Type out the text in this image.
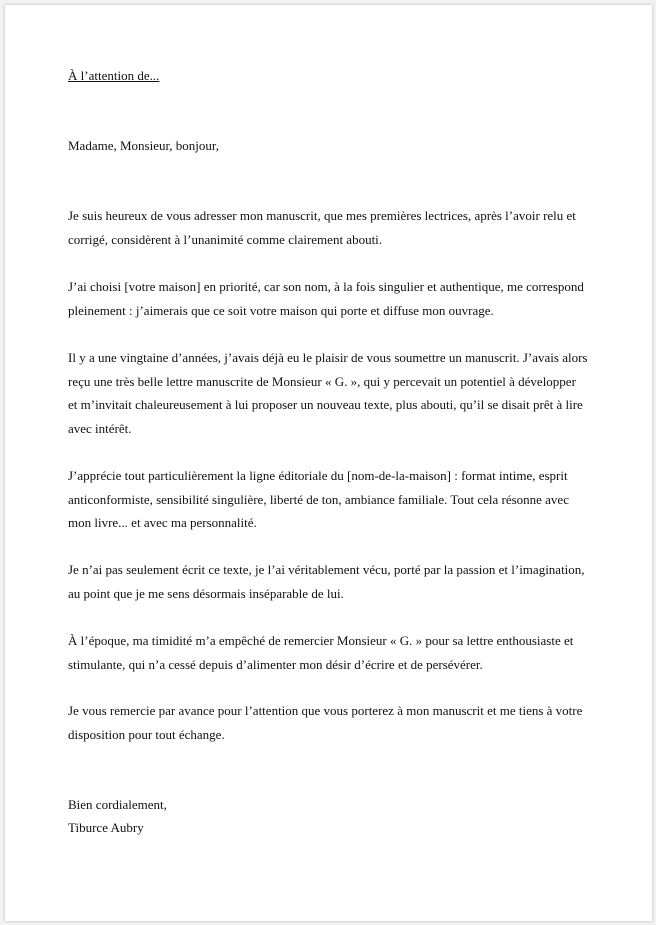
À l’attention de...
Madame, Monsieur, bonjour,
Je suis heureux de vous adresser mon manuscrit, que mes premières lectrices, après l’avoir relu et
corrigé, considèrent à l’unanimité comme clairement abouti.
J’ai choisi [votre maison] en priorité, car son nom, à la fois singulier et authentique, me correspond
pleinement : j’aimerais que ce soit votre maison qui porte et diffuse mon ouvrage.
Il y a une vingtaine d’années, j’avais déjà eu le plaisir de vous soumettre un manuscrit. J’avais alors
reçu une très belle lettre manuscrite de Monsieur « G. », qui y percevait un potentiel à développer
et m’invitait chaleureusement à lui proposer un nouveau texte, plus abouti, qu’il se disait prêt à lire
avec intérêt.
J’apprécie tout particulièrement la ligne éditoriale du [nom-de-la-maison] : format intime, esprit
anticonformiste, sensibilité singulière, liberté de ton, ambiance familiale. Tout cela résonne avec
mon livre... et avec ma personnalité.
Je n’ai pas seulement écrit ce texte, je l’ai véritablement vécu, porté par la passion et l’imagination,
au point que je me sens désormais inséparable de lui.
À l’époque, ma timidité m’a empêché de remercier Monsieur « G. » pour sa lettre enthousiaste et
stimulante, qui n’a cessé depuis d’alimenter mon désir d’écrire et de persévérer.
Je vous remercie par avance pour l’attention que vous porterez à mon manuscrit et me tiens à votre
disposition pour tout échange.
Bien cordialement,
Tiburce Aubry
